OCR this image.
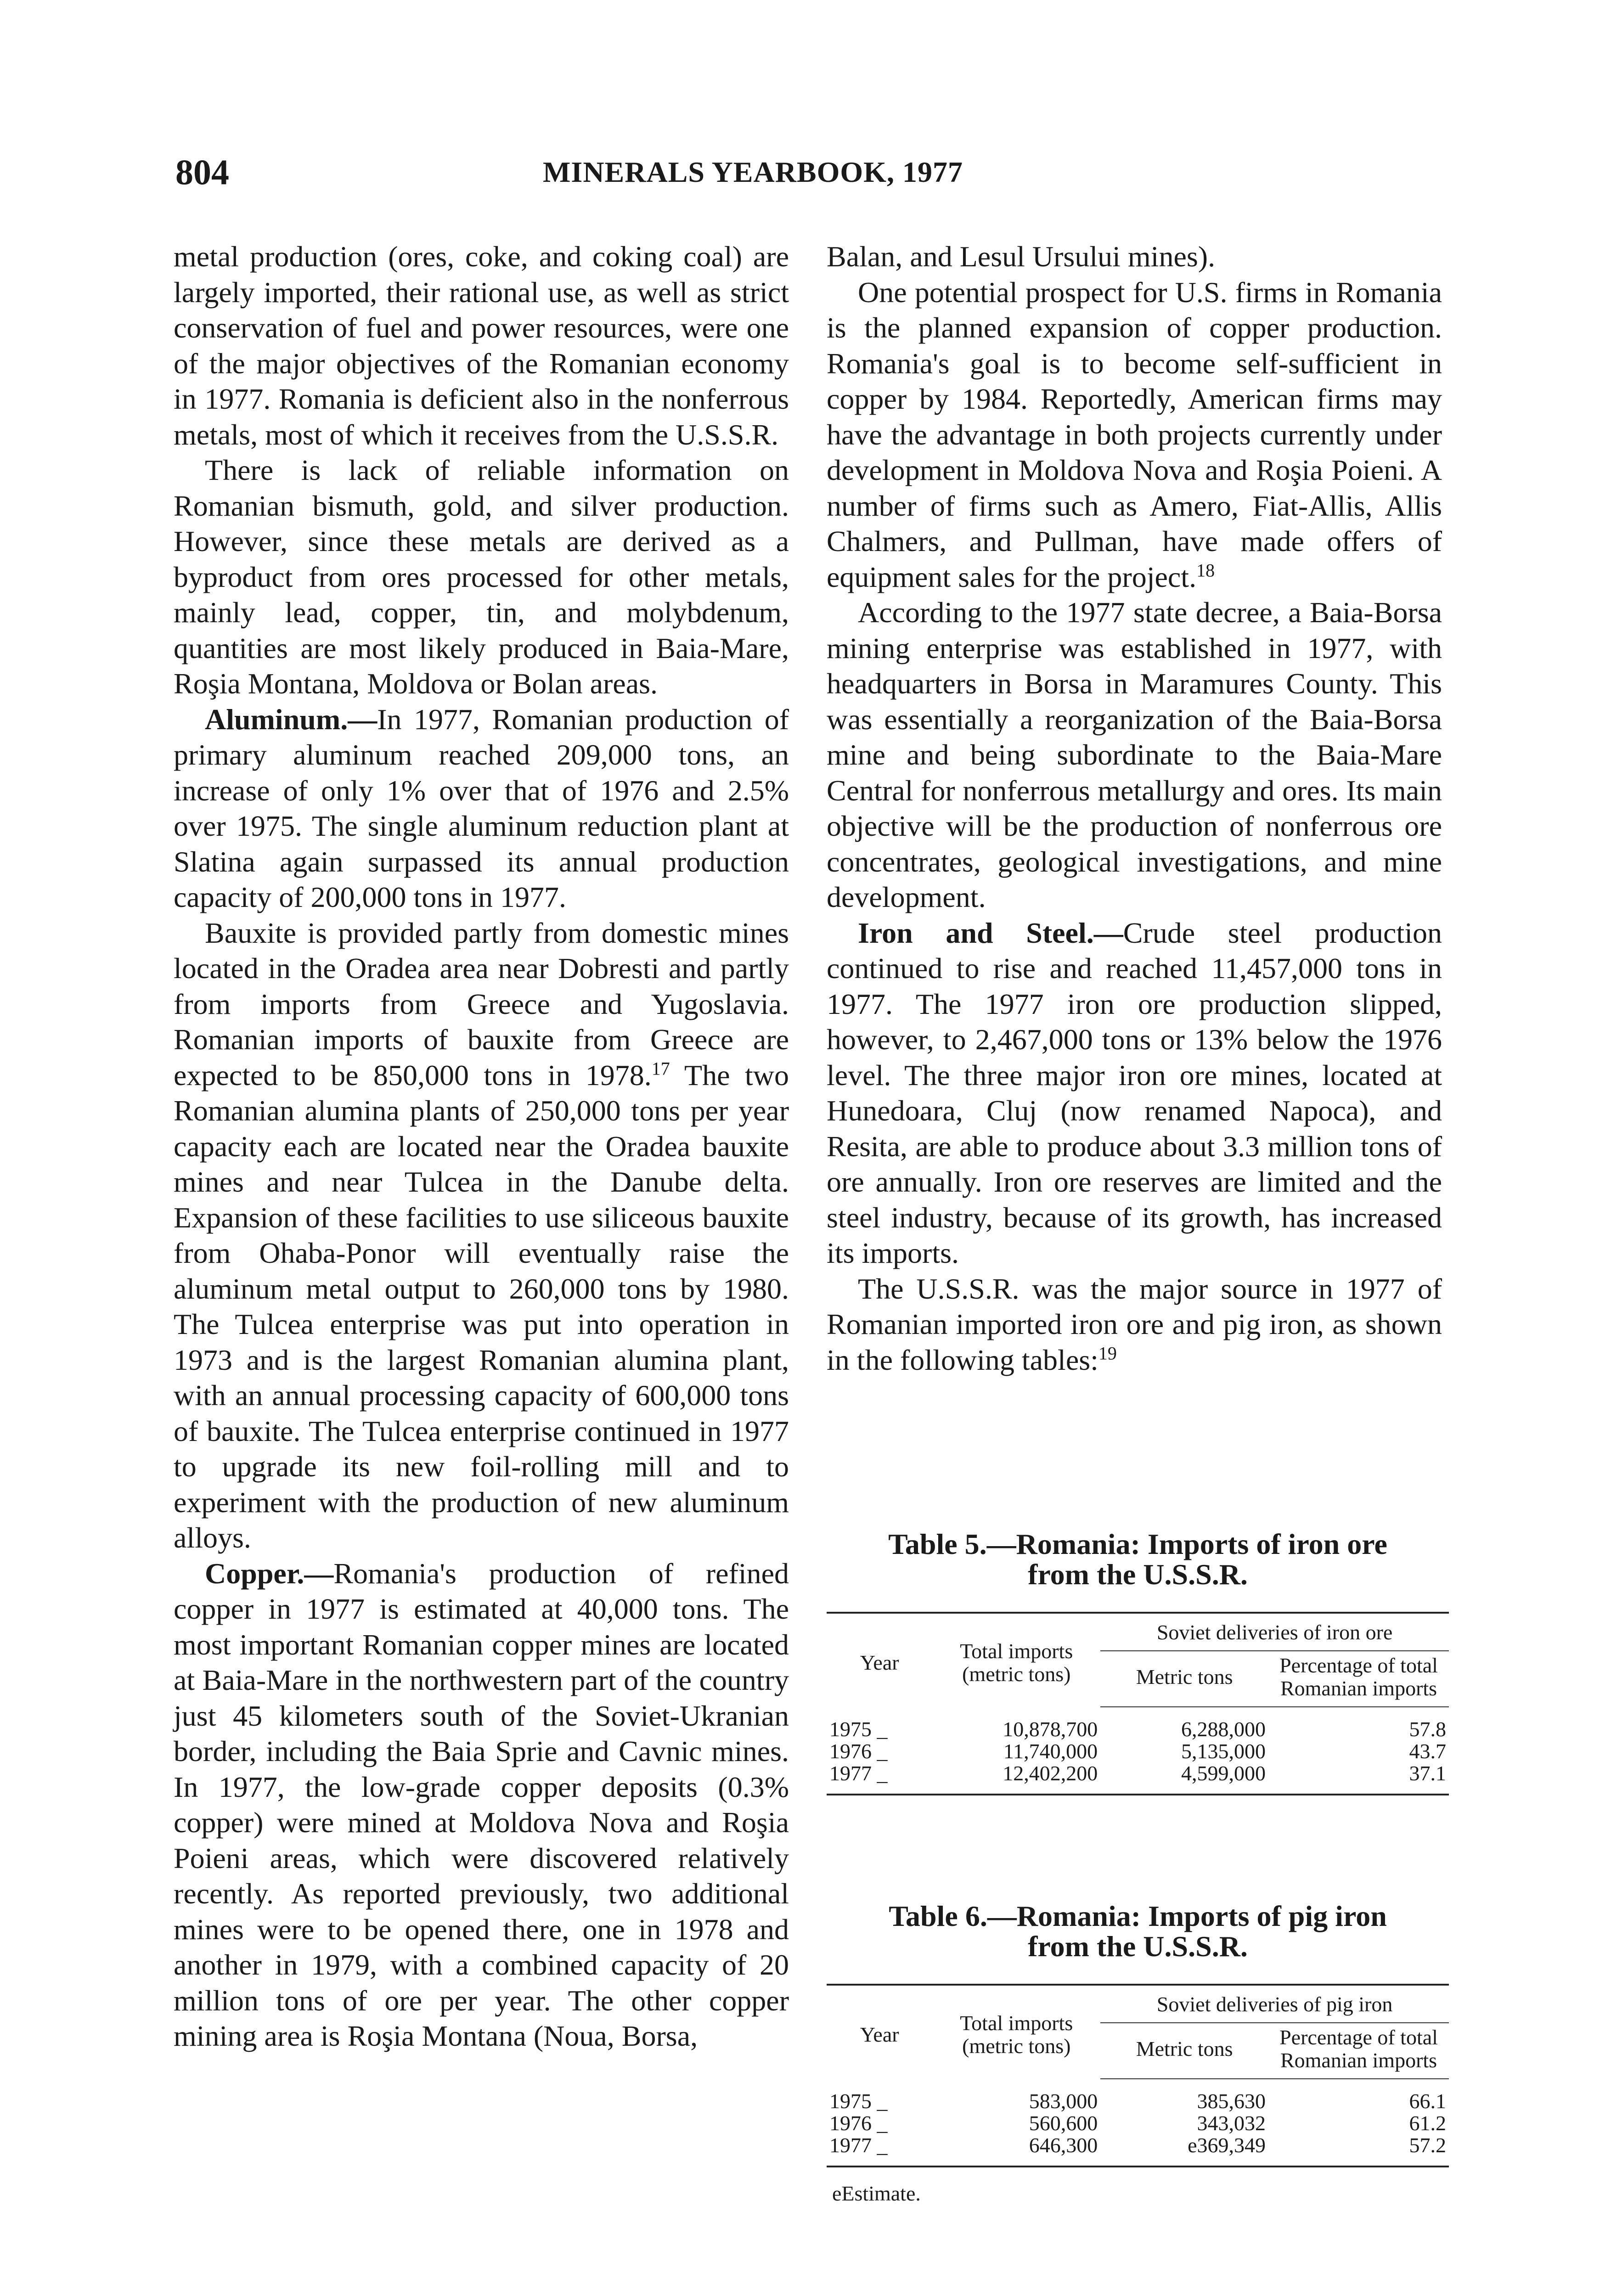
804	MINERALS YEARBOOK, 1977

metal production (ores, coke, and coking coal) are largely imported, their rational use, as well as strict conservation of fuel and power resources, were one of the major objectives of the Romanian economy in 1977. Romania is deficient also in the nonferrous metals, most of which it receives from the U.S.S.R.

There is lack of reliable information on Romanian bismuth, gold, and silver production. However, since these metals are derived as a byproduct from ores processed for other metals, mainly lead, copper, tin, and molybdenum, quantities are most likely produced in Baia-Mare, Roşia Montana, Moldova or Bolan areas.

Aluminum.—In 1977, Romanian production of primary aluminum reached 209,000 tons, an increase of only 1% over that of 1976 and 2.5% over 1975. The single aluminum reduction plant at Slatina again surpassed its annual production capacity of 200,000 tons in 1977.

Bauxite is provided partly from domestic mines located in the Oradea area near Dobresti and partly from imports from Greece and Yugoslavia. Romanian imports of bauxite from Greece are expected to be 850,000 tons in 1978.17 The two Romanian alumina plants of 250,000 tons per year capacity each are located near the Oradea bauxite mines and near Tulcea in the Danube delta. Expansion of these facilities to use siliceous bauxite from Ohaba-Ponor will eventually raise the aluminum metal output to 260,000 tons by 1980. The Tulcea enterprise was put into operation in 1973 and is the largest Romanian alumina plant, with an annual processing capacity of 600,000 tons of bauxite. The Tulcea enterprise continued in 1977 to upgrade its new foil-rolling mill and to experiment with the production of new aluminum alloys.

Copper.—Romania's production of refined copper in 1977 is estimated at 40,000 tons. The most important Romanian copper mines are located at Baia-Mare in the northwestern part of the country just 45 kilometers south of the Soviet-Ukranian border, including the Baia Sprie and Cavnic mines. In 1977, the low-grade copper deposits (0.3% copper) were mined at Moldova Nova and Roşia Poieni areas, which were discovered relatively recently. As reported previously, two additional mines were to be opened there, one in 1978 and another in 1979, with a combined capacity of 20 million tons of ore per year. The other copper mining area is Roşia Montana (Noua, Borsa,

Balan, and Lesul Ursului mines).

One potential prospect for U.S. firms in Romania is the planned expansion of copper production. Romania's goal is to become self-sufficient in copper by 1984. Reportedly, American firms may have the advantage in both projects currently under development in Moldova Nova and Roşia Poieni. A number of firms such as Amero, Fiat-Allis, Allis Chalmers, and Pullman, have made offers of equipment sales for the project.$^{18}$

According to the 1977 state decree, a Baia-Borsa mining enterprise was established in 1977, with headquarters in Borsa in Maramures County. This was essentially a reorganization of the Baia-Borsa mine and being subordinate to the Baia-Mare Central for nonferrous metallurgy and ores. Its main objective will be the production of nonferrous ore concentrates, geological investigations, and mine development.

Iron and Steel.—Crude steel production continued to rise and reached 11,457,000 tons in 1977. The 1977 iron ore production slipped, however, to 2,467,000 tons or 13% below the 1976 level. The three major iron ore mines, located at Hunedoara, Cluj (now renamed Napoca), and Resita, are able to produce about 3.3 million tons of ore annually. Iron ore reserves are limited and the steel industry, because of its growth, has increased its imports.

The U.S.S.R. was the major source in 1977 of Romanian imported iron ore and pig iron, as shown in the following tables:$^{19}$

Table 5.—Romania: Imports of iron ore
from the U.S.S.R.
Year	Total imports (metric tons)	Soviet deliveries of iron ore	
		Metric tons	Percentage of total Romanian imports
1975 _	10,878,700	6,288,000	57.8
1976 _	11,740,000	5,135,000	43.7
1977 _	12,402,200	4,599,000	37.1
Table 6.—Romania: Imports of pig iron
from the U.S.S.R.
Year	Total imports (metric tons)	Soviet deliveries of pig iron	
		Metric tons	Percentage of total Romanian imports
1975 _	583,000	385,630	66.1
1976 _	560,600	343,032	61.2
1977 _	646,300	e369,349	57.2
eEstimate.
